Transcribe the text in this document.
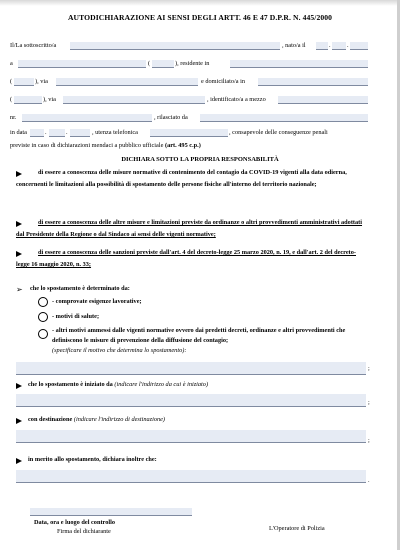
AUTODICHIARAZIONE AI SENSI DEGLI ARTT. 46 E 47 D.P.R. N. 445/2000
Il/La sottoscritto/a	, nato/a il	.	.
a	(	), residente in
(	), via	e domiciliato/a in
(	), via	, identificato/a a mezzo
nr.	, rilasciato da
in data	.	.	, utenza telefonica	, consapevole delle conseguenze penali
previste in caso di dichiarazioni mendaci a pubblico ufficiale (art. 495 c.p.)
DICHIARA SOTTO LA PROPRIA RESPONSABILITÀ
di essere a conoscenza delle misure normative di contenimento del contagio da COVID-19 vigenti alla data odierna, concernenti le limitazioni alla possibilità di spostamento delle persone fisiche all'interno del territorio nazionale;
di essere a conoscenza delle altre misure e limitazioni previste da ordinanze o altri provvedimenti amministrativi adottati dal Presidente della Regione o dal Sindaco ai sensi delle vigenti normative;
di essere a conoscenza delle sanzioni previste dall'art. 4 del decreto-legge 25 marzo 2020, n. 19, e dall'art. 2 del decreto-legge 16 maggio 2020, n. 33;
➢ che lo spostamento è determinato da:
- comprovate esigenze lavorative;
- motivi di salute;
- altri motivi ammessi dalle vigenti normative ovvero dai predetti decreti, ordinanze e altri provvedimenti che definiscono le misure di prevenzione della diffusione del contagio;
(specificare il motivo che determina lo spostamento):
;
che lo spostamento è iniziato da (indicare l'indirizzo da cui è iniziato)
;
con destinazione (indicare l'indirizzo di destinazione)
;
in merito allo spostamento, dichiara inoltre che:
.
Data, ora e luogo del controllo
Firma del dichiarante	L'Operatore di Polizia
